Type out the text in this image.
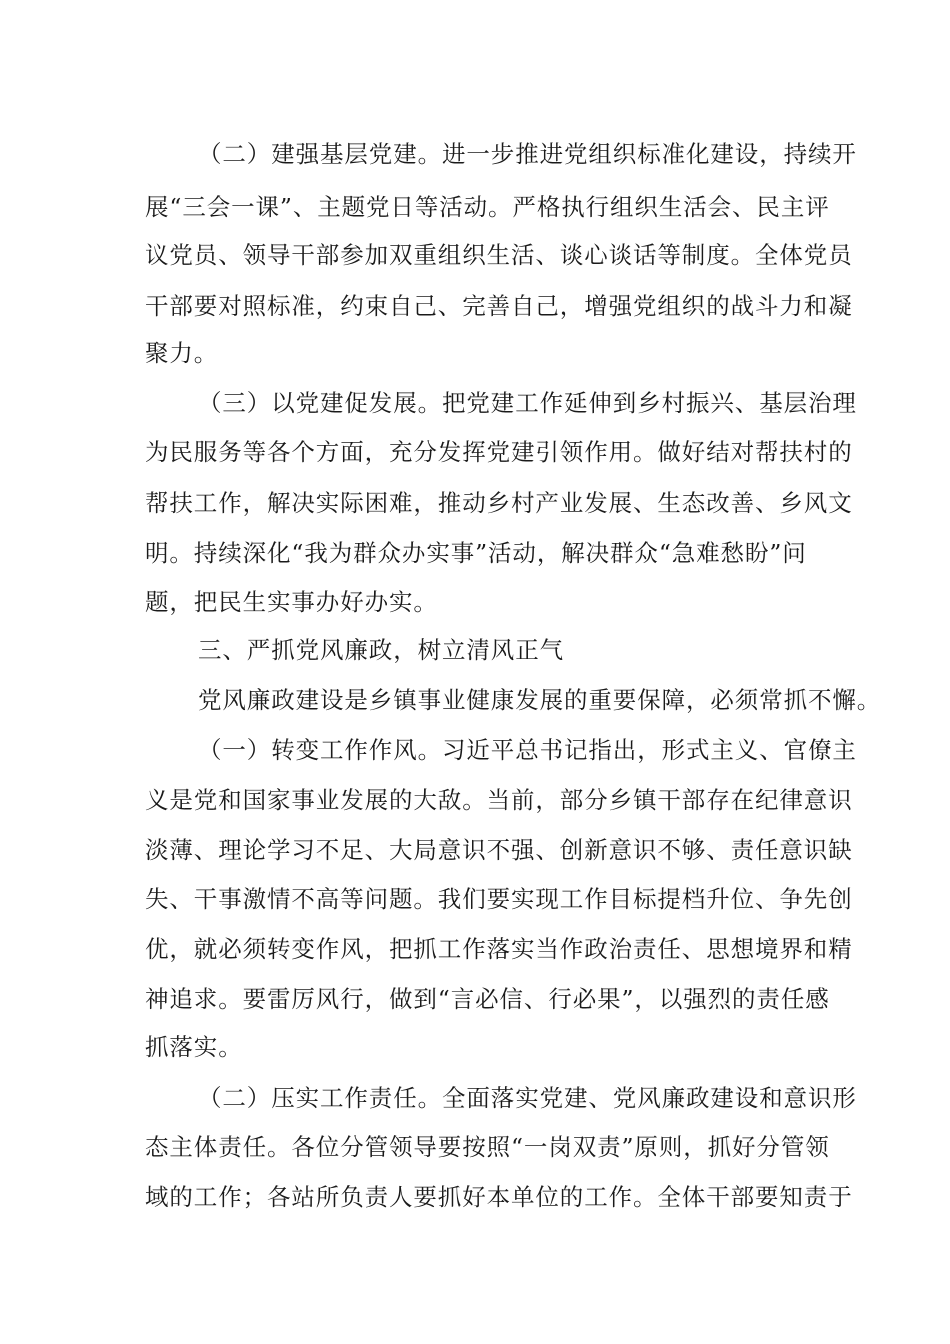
（二）建强基层党建。进一步推进党组织标准化建设，持续开

展“三会一课”、主题党日等活动。严格执行组织生活会、民主评

议党员、领导干部参加双重组织生活、谈心谈话等制度。全体党员

干部要对照标准，约束自己、完善自己，增强党组织的战斗力和凝

聚力。

（三）以党建促发展。把党建工作延伸到乡村振兴、基层治理

为民服务等各个方面，充分发挥党建引领作用。做好结对帮扶村的

帮扶工作，解决实际困难，推动乡村产业发展、生态改善、乡风文

明。持续深化“我为群众办实事”活动，解决群众“急难愁盼”问

题，把民生实事办好办实。

三、严抓党风廉政，树立清风正气

党风廉政建设是乡镇事业健康发展的重要保障，必须常抓不懈。

（一）转变工作作风。习近平总书记指出，形式主义、官僚主

义是党和国家事业发展的大敌。当前，部分乡镇干部存在纪律意识

淡薄、理论学习不足、大局意识不强、创新意识不够、责任意识缺

失、干事激情不高等问题。我们要实现工作目标提档升位、争先创

优，就必须转变作风，把抓工作落实当作政治责任、思想境界和精

神追求。要雷厉风行，做到“言必信、行必果”，以强烈的责任感

抓落实。

（二）压实工作责任。全面落实党建、党风廉政建设和意识形

态主体责任。各位分管领导要按照“一岗双责”原则，抓好分管领

域的工作；各站所负责人要抓好本单位的工作。全体干部要知责于
